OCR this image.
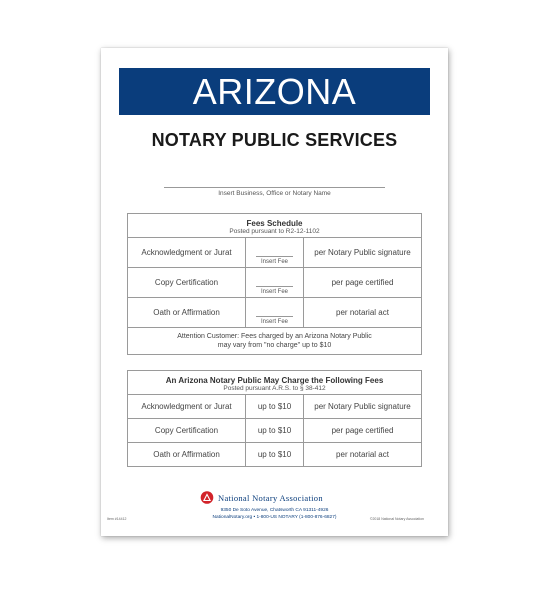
ARIZONA
NOTARY PUBLIC SERVICES
Insert Business, Office or Notary Name
Fees Schedule
Posted pursuant to R2-12-1102		

Acknowledgment or Jurat	Insert Fee	per Notary Public signature
Copy Certification	Insert Fee	per page certified
Oath or Affirmation	Insert Fee	per notarial act

Attention Customer: Fees charged by an Arizona Notary Public
may vary from "no charge" up to $10		
An Arizona Notary Public May Charge the Following Fees
Posted pursuant A.R.S. to § 38-412		

Acknowledgment or Jurat	up to $10	per Notary Public signature
Copy Certification	up to $10	per page certified
Oath or Affirmation	up to $10	per notarial act
National Notary Association
9350 De Soto Avenue, Chatsworth CA 91311-4926
NationalNotary.org • 1-800-US NOTARY (1-800-876-6827)
Item #14412	©2018 National Notary Association
